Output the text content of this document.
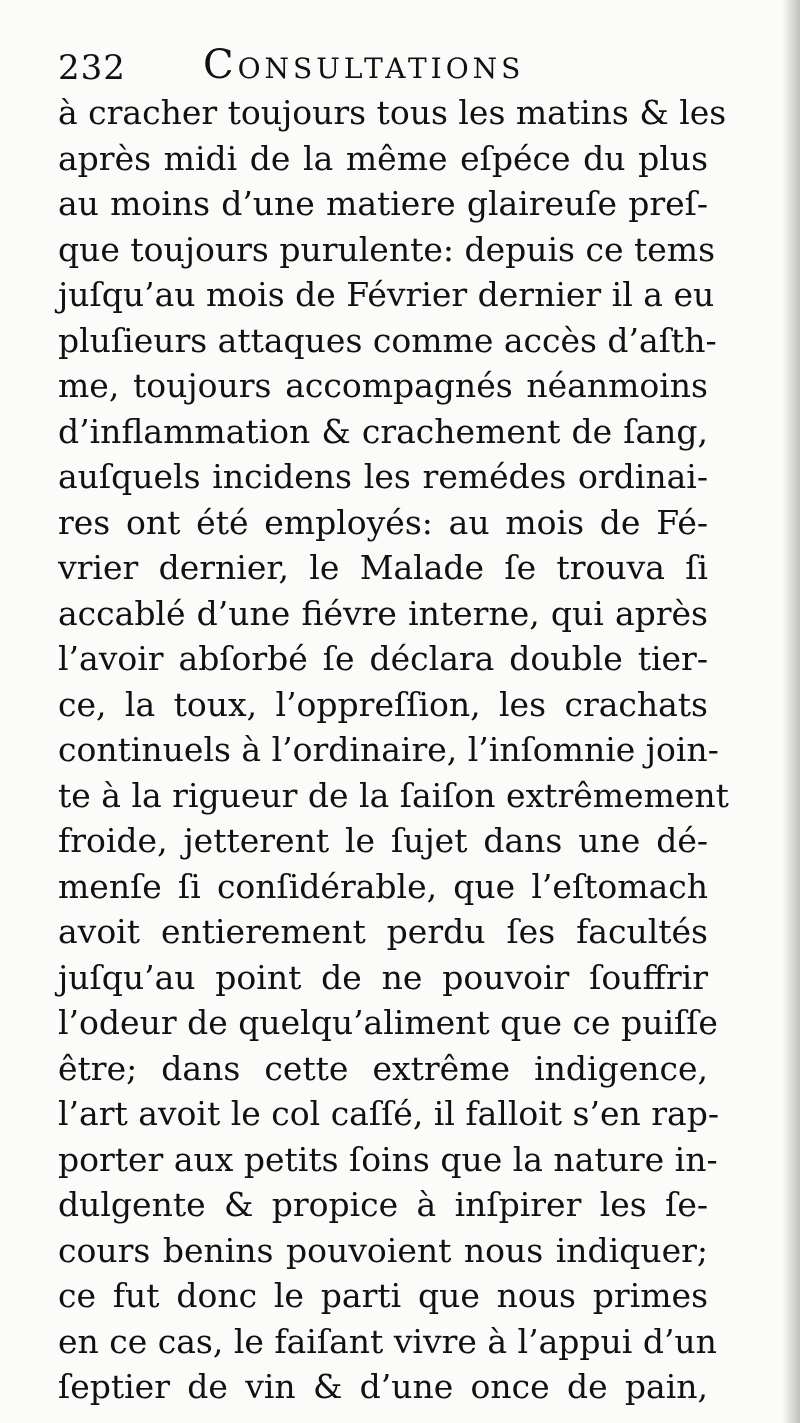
232 Consultations
à cracher toujours tous les matins & les
après midi de la même eſpéce du plus
au moins d’une matiere glaireuſe preſ-
que toujours purulente: depuis ce tems
juſqu’au mois de Février dernier il a eu
pluſieurs attaques comme accès d’aſth-
me, toujours accompagnés néanmoins
d’inflammation & crachement de ſang,
auſquels incidens les remédes ordinai-
res ont été employés: au mois de Fé-
vrier dernier, le Malade ſe trouva ſi
accablé d’une fiévre interne, qui après
l’avoir abſorbé ſe déclara double tier-
ce, la toux, l’oppreſſion, les crachats
continuels à l’ordinaire, l’inſomnie join-
te à la rigueur de la ſaiſon extrêmement
froide, jetterent le ſujet dans une dé-
menſe ſi conſidérable, que l’eſtomach
avoit entierement perdu ſes facultés
juſqu’au point de ne pouvoir ſouffrir
l’odeur de quelqu’aliment que ce puiſſe
être; dans cette extrême indigence,
l’art avoit le col caſſé, il falloit s’en rap-
porter aux petits ſoins que la nature in-
dulgente & propice à inſpirer les ſe-
cours benins pouvoient nous indiquer;
ce fut donc le parti que nous primes
en ce cas, le faiſant vivre à l’appui d’un
ſeptier de vin & d’une once de pain,
